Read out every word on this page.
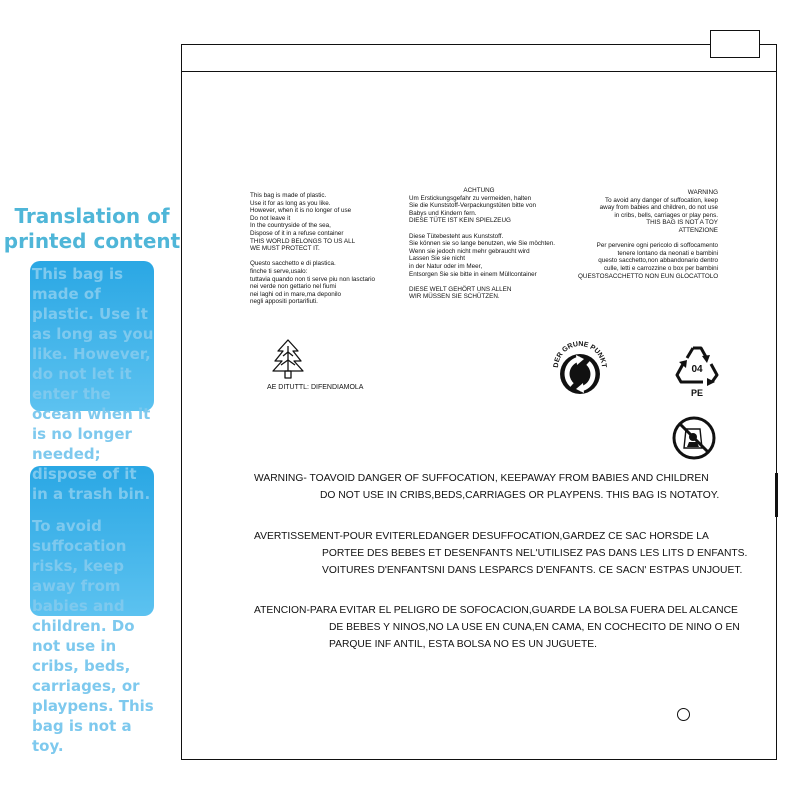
Translation of
printed content

This bag is made of plastic. Use it as long as you like. However, do not let it enter the ocean when it is no longer needed; dispose of it in a trash bin.

To avoid suffocation risks, keep away from babies and children. Do not use in cribs, beds, carriages, or playpens. This bag is not a toy.

This bag is made of plastic.
Use it for as long as you like.
However, when it is no longer of use
Do not leave it
In the countryside of the sea,
Dispose of it in a refuse container
THIS WORLD BELONGS TO US ALL
WE MUST PROTECT IT.

Questo sacchetto e di plastica.
finche ti serve,usalo:
tuttavia quando non ti serve piu non lasctario
nei verde non gettario nel fiumi
nei laghi od in mare,ma deponilo
negli appositi portarifiuti.
ACHTUNG
Um Erstickungsgefahr zu vermeiden, halten
Sie die Kunststoff-Verpackungstüten bitte von
Babys und Kindern fern.
DIESE TÜTE IST KEIN SPIELZEUG

Diese Tütebesteht aus Kunststoff.
Sie können sie so lange benutzen, wie Sie möchten.
Wenn sie jedoch nicht mehr gebraucht wird
Lassen Sie sie nicht
in der Natur oder im Meer,
Entsorgen Sie sie bitte in einem Müllcontainer

DIESE WELT GEHÖRT UNS ALLEN
WIR MÜSSEN SIE SCHÜTZEN.
WARNING
To avoid any danger of suffocation, keep
away from babies and children, do not use
in cribs, bells, carriages or play pens.
THIS BAG IS NOT A TOY
ATTENZIONE

Per pervenire ogni pericolo di soffocamento
tenere lontano da neonati e bambini
questo sacchetto,non abbandonario dentro
culle, letti e carrozzine o box per bambini
QUESTOSACCHETTO NON EUN GLOCATTOLO
AE DITUTTL: DIFENDIAMOLA
DER GRUNE PUNKT	04
PE
WARNING- TOAVOID DANGER OF SUFFOCATION, KEEPAWAY FROM BABIES AND CHILDREN
DO NOT USE IN CRIBS,BEDS,CARRIAGES OR PLAYPENS. THIS BAG IS NOTATOY.
AVERTISSEMENT-POUR EVITERLEDANGER DESUFFOCATION,GARDEZ CE SAC HORSDE LA
PORTEE DES BEBES ET DESENFANTS NEL'UTILISEZ PAS DANS LES LITS D ENFANTS.
VOITURES D'ENFANTSNI DANS LESPARCS D'ENFANTS. CE SACN' ESTPAS UNJOUET.
ATENCION-PARA EVITAR EL PELIGRO DE SOFOCACION,GUARDE LA BOLSA FUERA DEL ALCANCE
DE BEBES Y NINOS,NO LA USE EN CUNA,EN CAMA, EN COCHECITO DE NINO O EN
PARQUE INF ANTIL, ESTA BOLSA NO ES UN JUGUETE.
